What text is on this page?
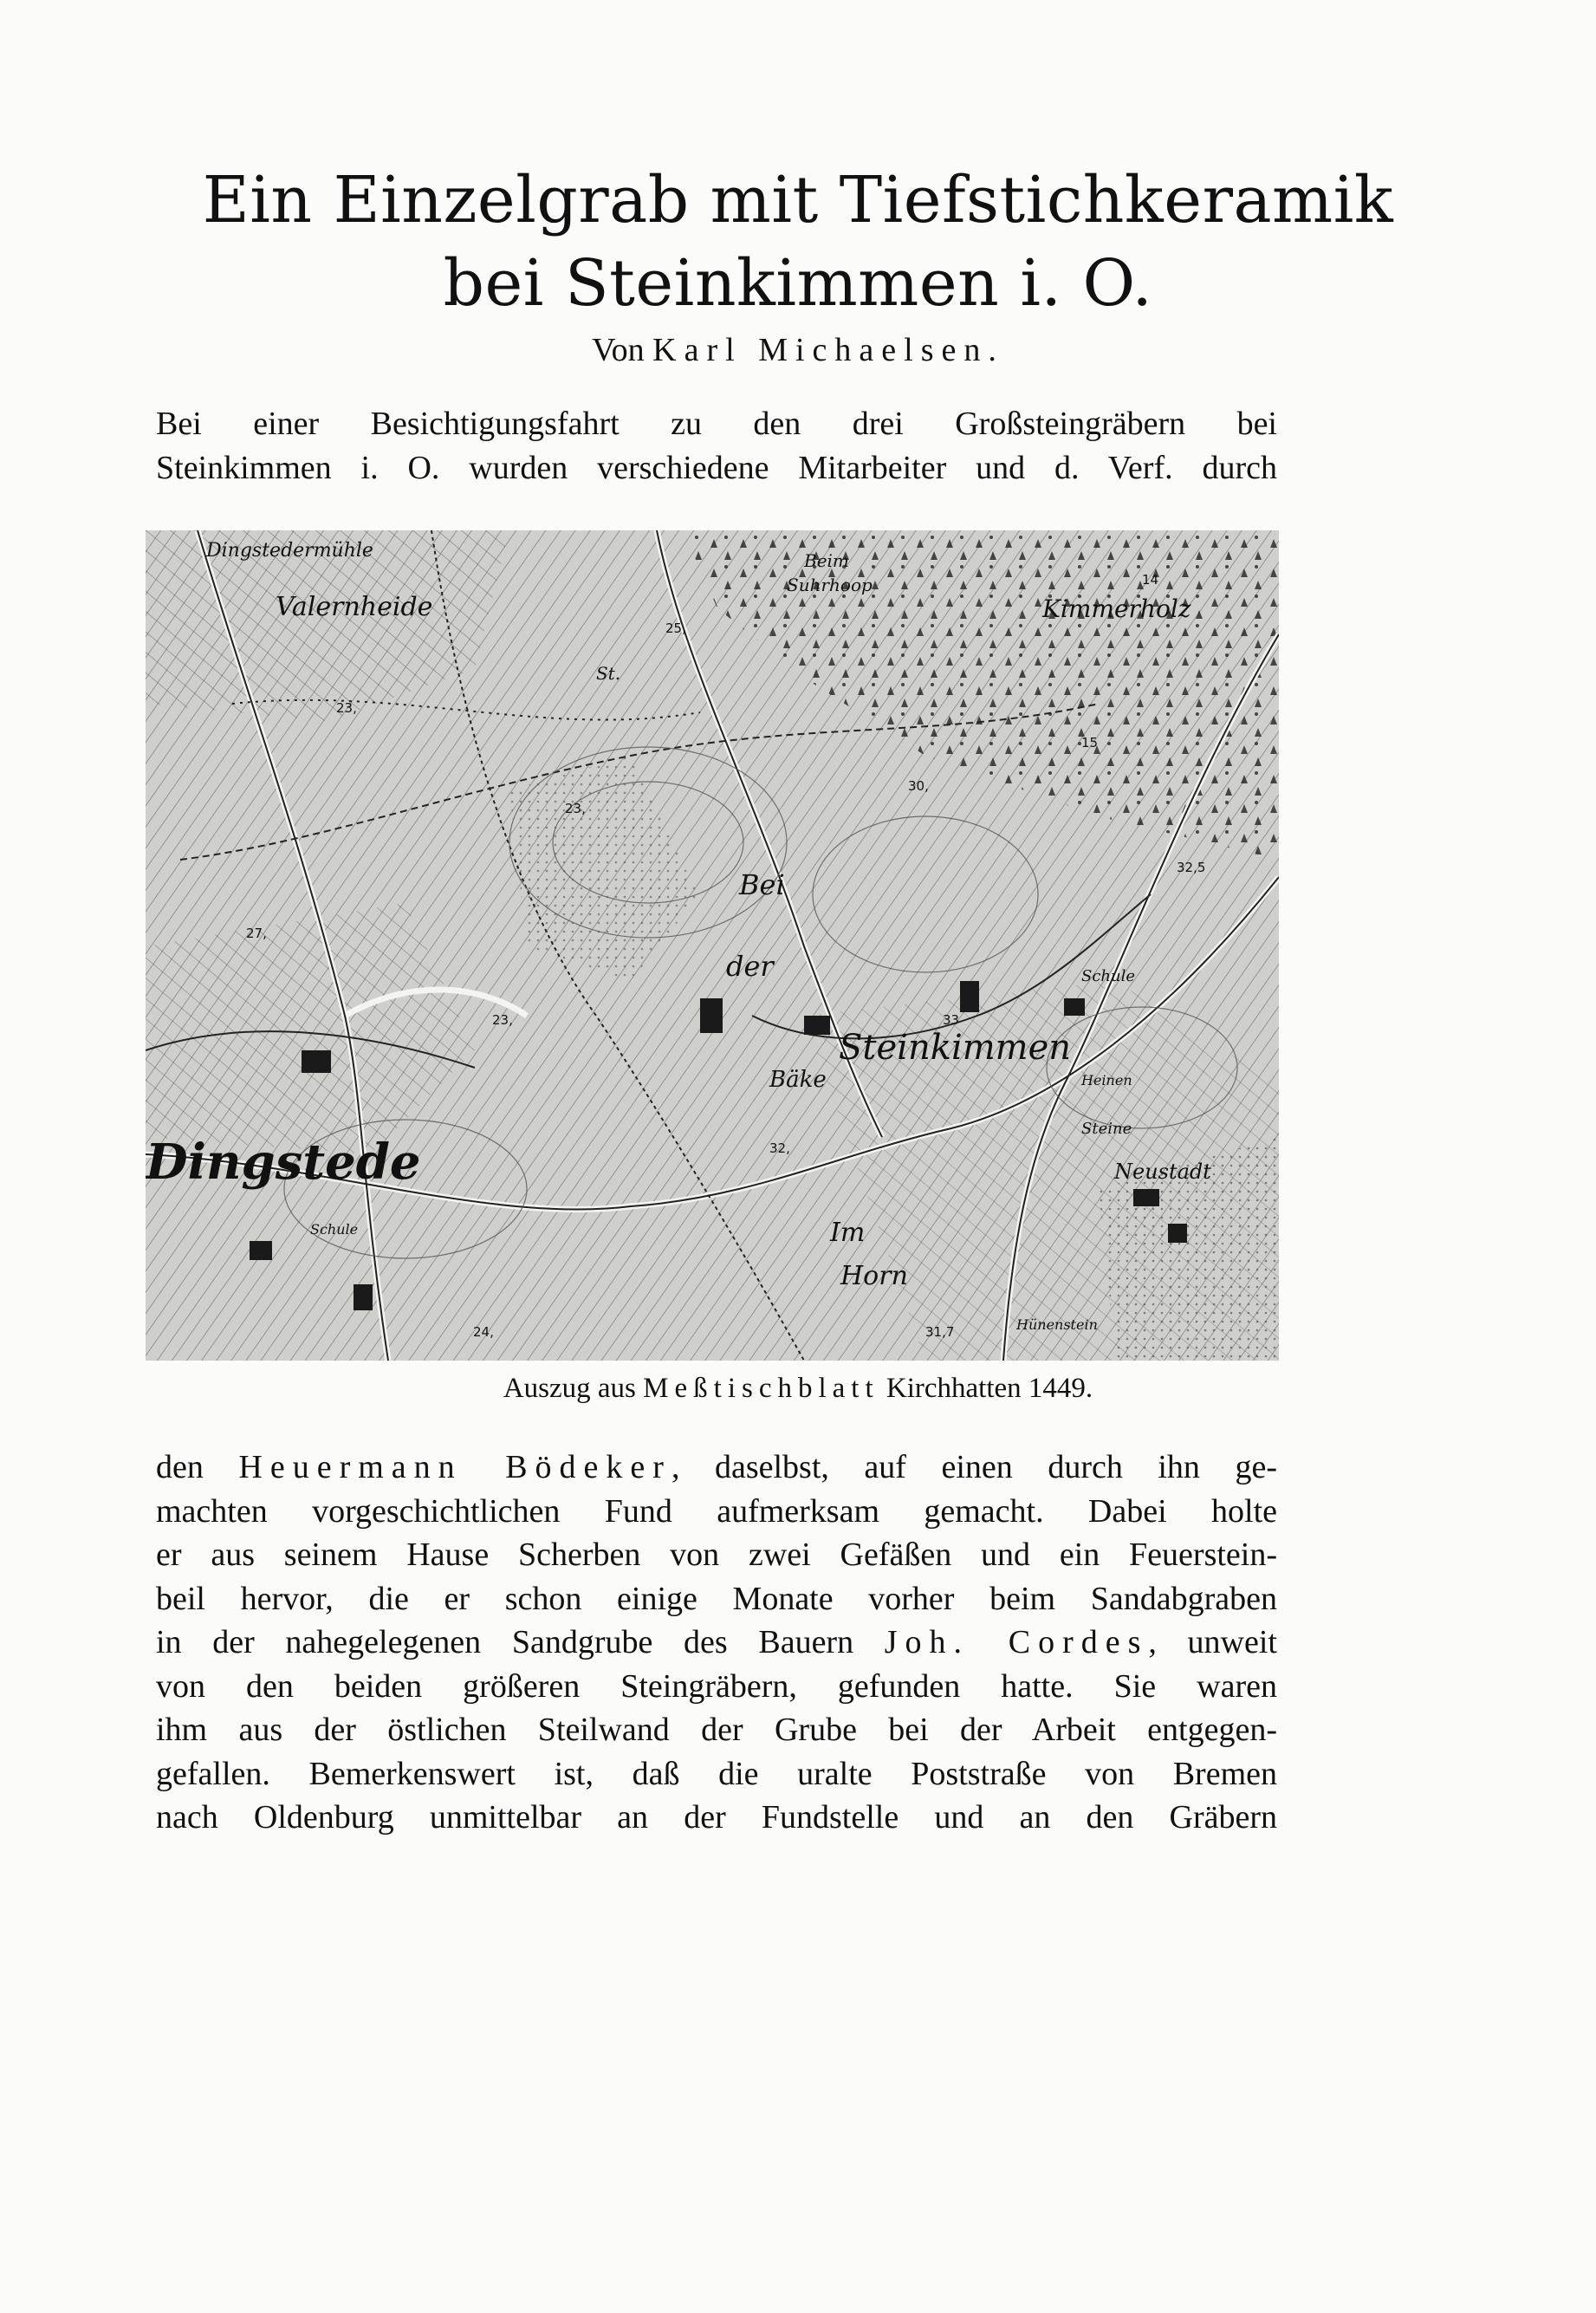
Ein Einzelgrab mit Tiefstichkeramik
bei Steinkimmen i. O.
Von Karl Michaelsen.
Bei einer Besichtigungsfahrt zu den drei Großsteingräbern bei
Steinkimmen i. O. wurden verschiedene Mitarbeiter und d. Verf. durch
Dingstedermühle
Valernheide
Beim
Suhrhoop
Kimmerholz
St.
Bei
der
Steinkimmen
Bäke
Schule
Heinen
Steine
Neustadt
Dingstede
Im
Horn
Hünenstein
Schule
25,
14
15
23,
30,
32,5
23,
27,
33
23,
32,
24,	31,7
Auszug aus Meßtischblatt Kirchhatten 1449.
den Heuermann Bödeker, daselbst, auf einen durch ihn ge-
machten vorgeschichtlichen Fund aufmerksam gemacht. Dabei holte
er aus seinem Hause Scherben von zwei Gefäßen und ein Feuerstein-
beil hervor, die er schon einige Monate vorher beim Sandabgraben
in der nahegelegenen Sandgrube des Bauern Joh. Cordes, unweit
von den beiden größeren Steingräbern, gefunden hatte. Sie waren
ihm aus der östlichen Steilwand der Grube bei der Arbeit entgegen-
gefallen. Bemerkenswert ist, daß die uralte Poststraße von Bremen
nach Oldenburg unmittelbar an der Fundstelle und an den Gräbern
